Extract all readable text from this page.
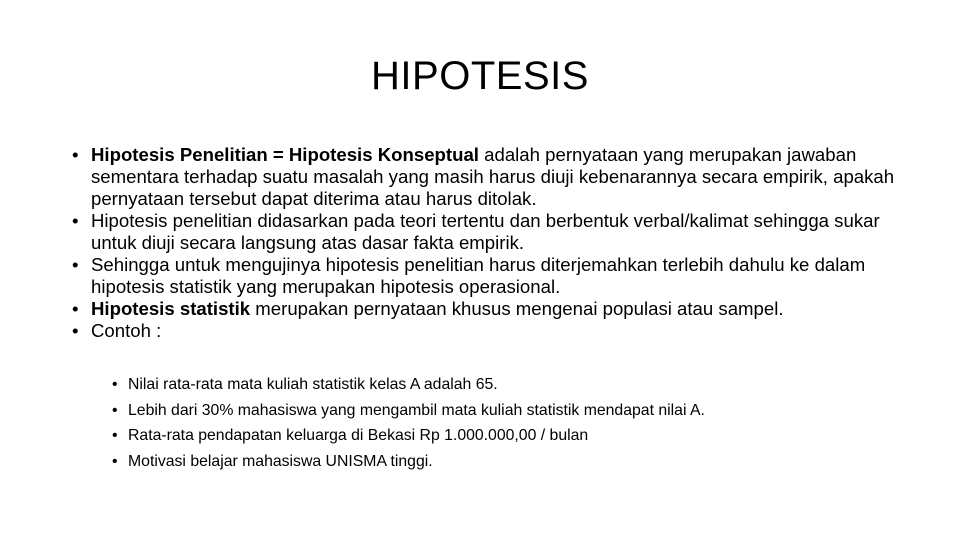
HIPOTESIS
• Hipotesis Penelitian = Hipotesis Konseptual adalah pernyataan yang merupakan jawaban sementara terhadap suatu masalah yang masih harus diuji kebenarannya secara empirik, apakah pernyataan tersebut dapat diterima atau harus ditolak.
• Hipotesis penelitian didasarkan pada teori tertentu dan berbentuk verbal/kalimat sehingga sukar untuk diuji secara langsung atas dasar fakta empirik.
• Sehingga untuk mengujinya hipotesis penelitian harus diterjemahkan terlebih dahulu ke dalam hipotesis statistik yang merupakan hipotesis operasional.
• Hipotesis statistik merupakan pernyataan khusus mengenai populasi atau sampel.
• Contoh :
• Nilai rata-rata mata kuliah statistik kelas A adalah 65.
• Lebih dari 30% mahasiswa yang mengambil mata kuliah statistik mendapat nilai A.
• Rata-rata pendapatan keluarga di Bekasi Rp 1.000.000,00 / bulan
• Motivasi belajar mahasiswa UNISMA tinggi.
